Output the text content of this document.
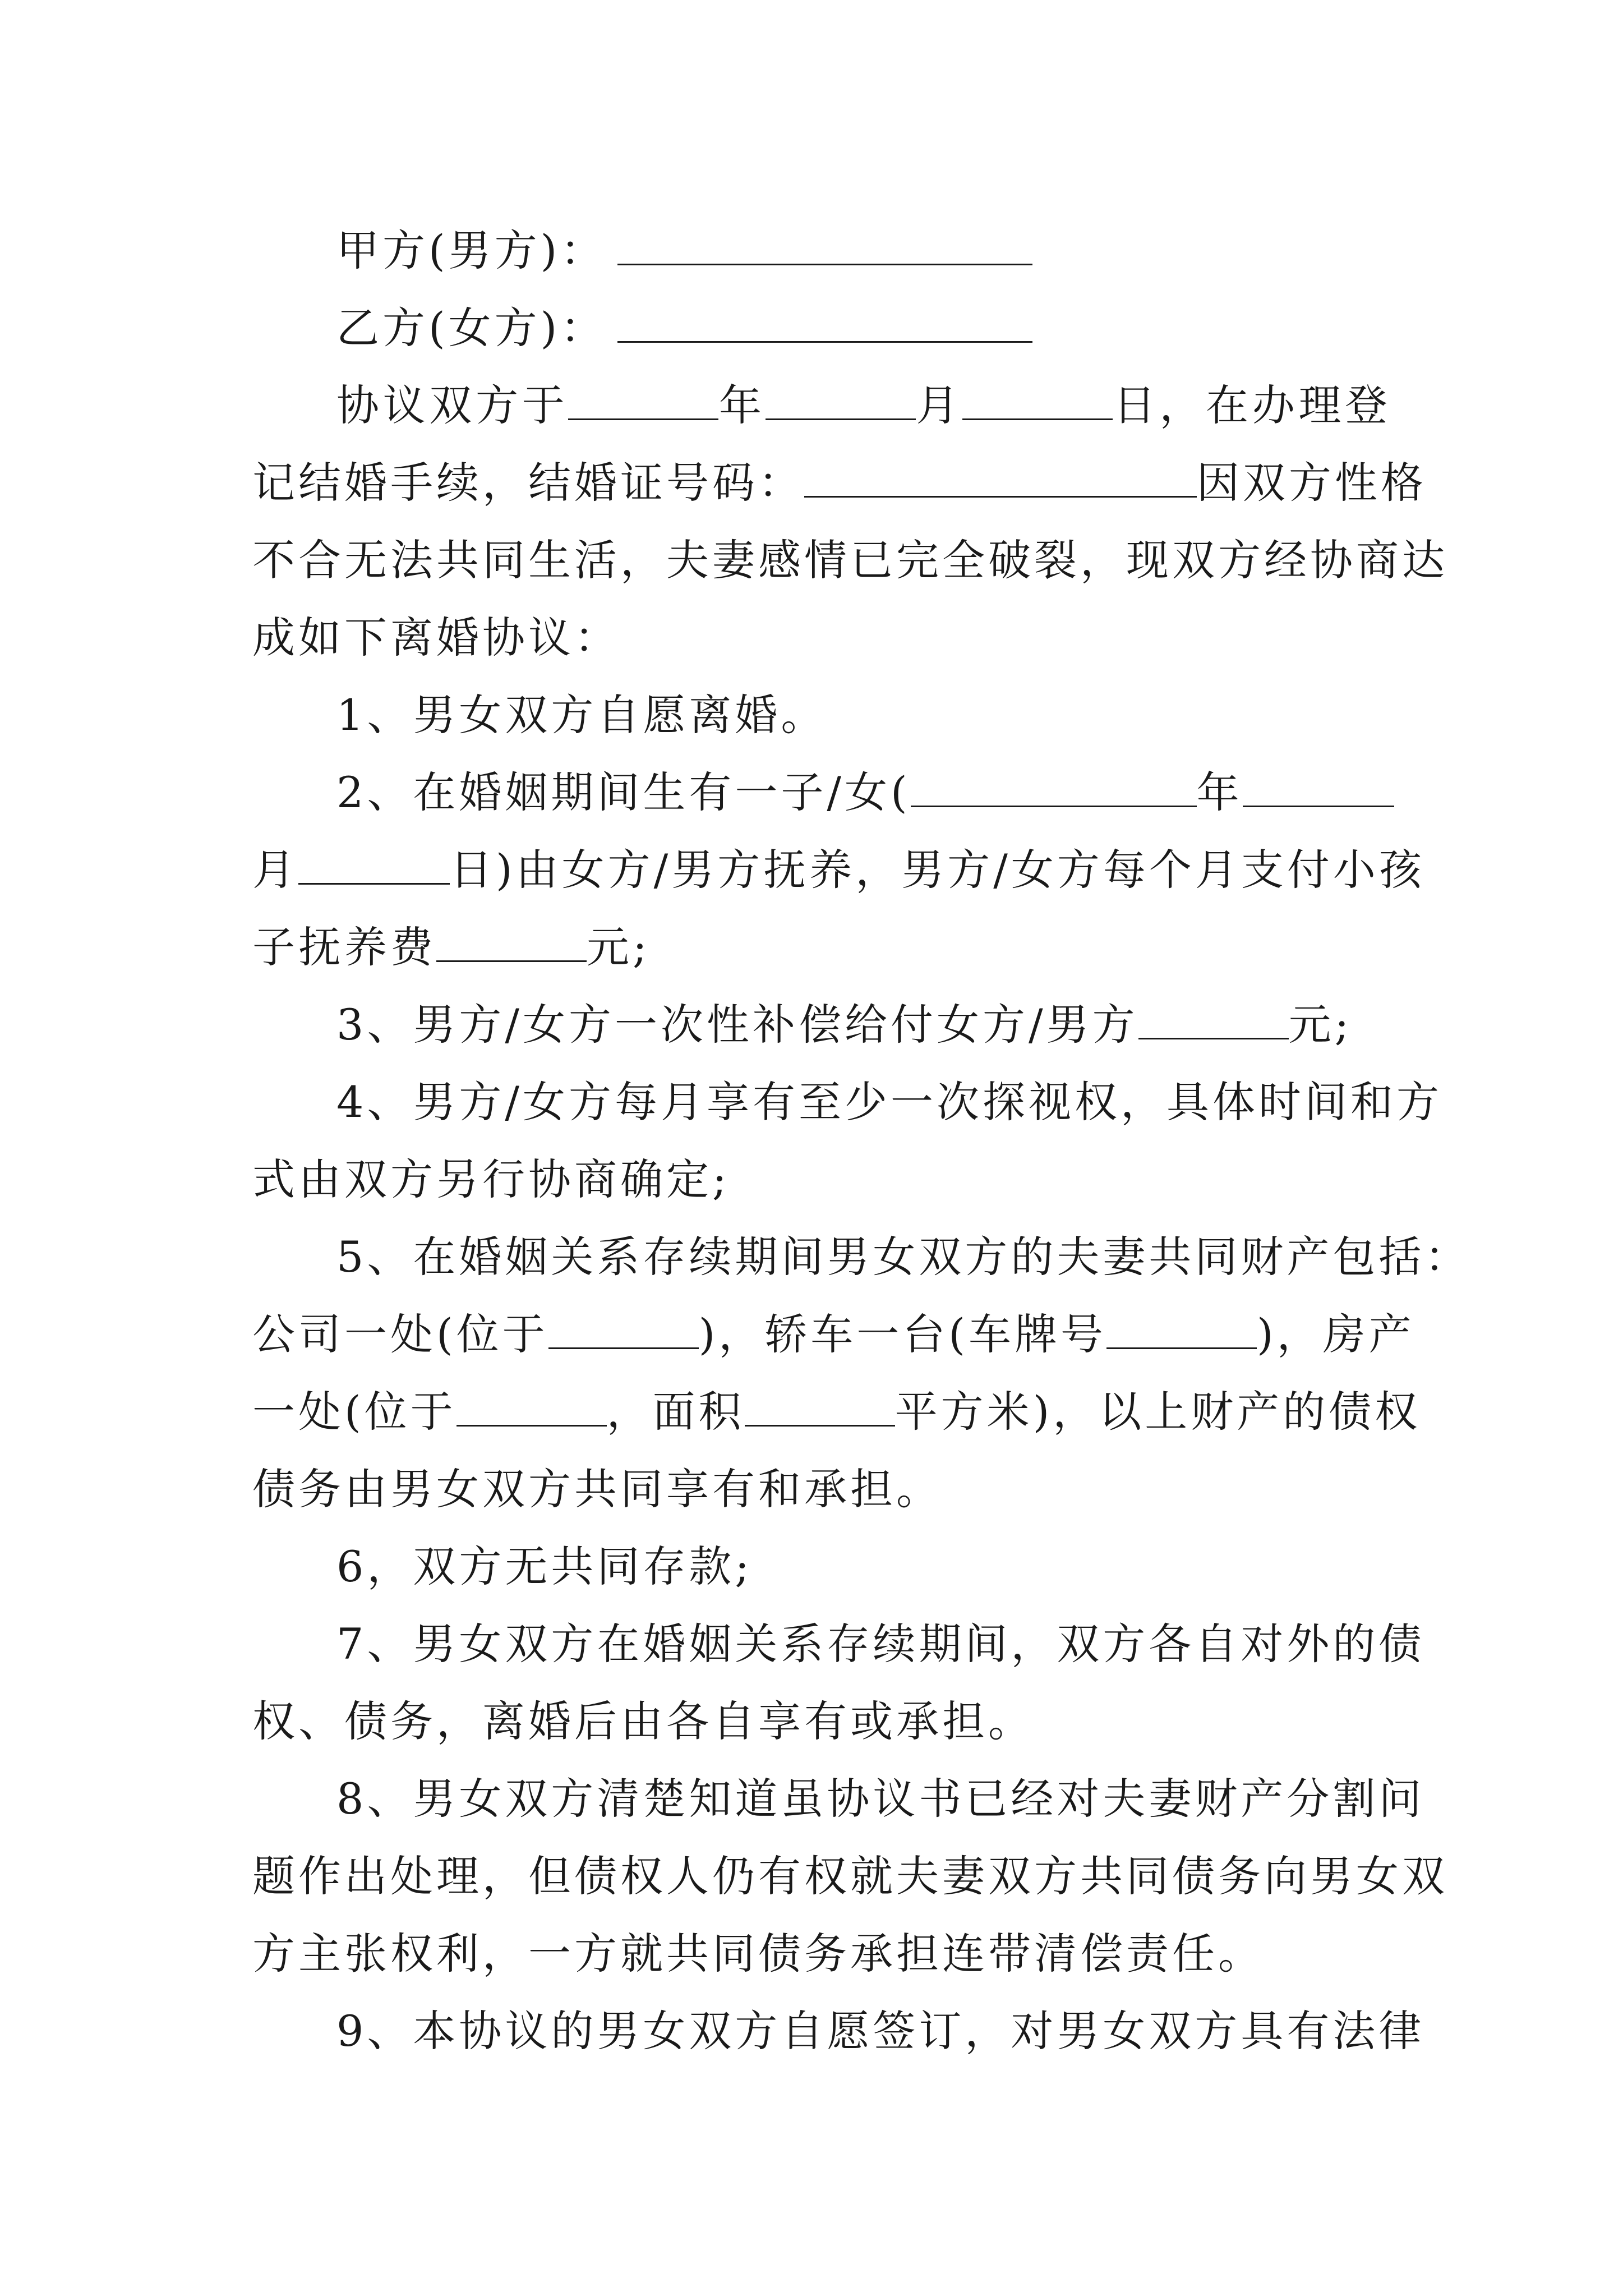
甲方(男方)：
乙方(女方)：
协议双方于	年	月	日，在办理登
记结婚手续，结婚证号码：	因双方性格
不合无法共同生活，夫妻感情已完全破裂，现双方经协商达
成如下离婚协议：
1、男女双方自愿离婚。
2、在婚姻期间生有一子/女(	年
月	日)由女方/男方抚养，男方/女方每个月支付小孩
子抚养费	元;
3、男方/女方一次性补偿给付女方/男方	元;
4、男方/女方每月享有至少一次探视权，具体时间和方
式由双方另行协商确定;
5、在婚姻关系存续期间男女双方的夫妻共同财产包括：
公司一处(位于	)，轿车一台(车牌号	)，房产
一处(位于	，面积	平方米)，以上财产的债权
债务由男女双方共同享有和承担。
6，双方无共同存款;
7、男女双方在婚姻关系存续期间，双方各自对外的债
权、债务，离婚后由各自享有或承担。
8、男女双方清楚知道虽协议书已经对夫妻财产分割问
题作出处理，但债权人仍有权就夫妻双方共同债务向男女双
方主张权利，一方就共同债务承担连带清偿责任。
9、本协议的男女双方自愿签订，对男女双方具有法律
